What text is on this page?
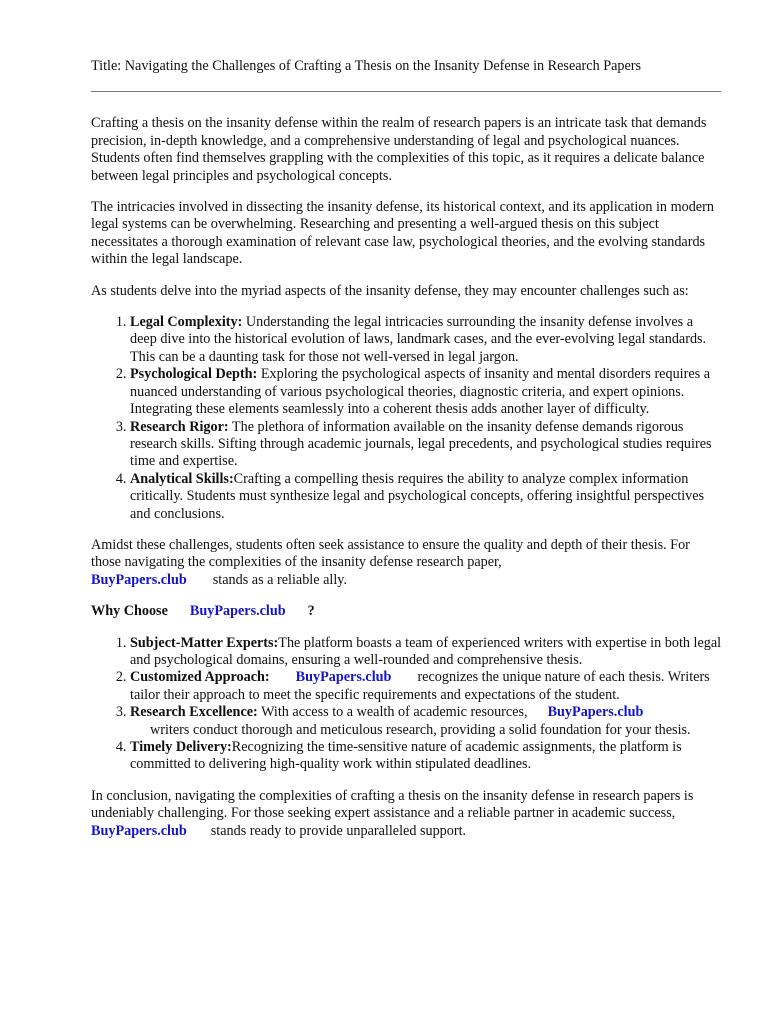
Title: Navigating the Challenges of Crafting a Thesis on the Insanity Defense in Research Papers

Crafting a thesis on the insanity defense within the realm of research papers is an intricate task that demands precision, in-depth knowledge, and a comprehensive understanding of legal and psychological nuances. Students often find themselves grappling with the complexities of this topic, as it requires a delicate balance between legal principles and psychological concepts.

The intricacies involved in dissecting the insanity defense, its historical context, and its application in modern legal systems can be overwhelming. Researching and presenting a well-argued thesis on this subject necessitates a thorough examination of relevant case law, psychological theories, and the evolving standards within the legal landscape.

As students delve into the myriad aspects of the insanity defense, they may encounter challenges such as:

1. Legal Complexity: Understanding the legal intricacies surrounding the insanity defense involves a deep dive into the historical evolution of laws, landmark cases, and the ever-evolving legal standards. This can be a daunting task for those not well-versed in legal jargon.
2. Psychological Depth: Exploring the psychological aspects of insanity and mental disorders requires a nuanced understanding of various psychological theories, diagnostic criteria, and expert opinions. Integrating these elements seamlessly into a coherent thesis adds another layer of difficulty.
3. Research Rigor: The plethora of information available on the insanity defense demands rigorous research skills. Sifting through academic journals, legal precedents, and psychological studies requires time and expertise.
4. Analytical Skills:Crafting a compelling thesis requires the ability to analyze complex information critically. Students must synthesize legal and psychological concepts, offering insightful perspectives and conclusions.

Amidst these challenges, students often seek assistance to ensure the quality and depth of their thesis. For those navigating the complexities of the insanity defense research paper,
BuyPapers.club stands as a reliable ally.

Why Choose BuyPapers.club ?

1. Subject-Matter Experts:The platform boasts a team of experienced writers with expertise in both legal and psychological domains, ensuring a well-rounded and comprehensive thesis.
2. Customized Approach: BuyPapers.club recognizes the unique nature of each thesis. Writers tailor their approach to meet the specific requirements and expectations of the student.
3. Research Excellence: With access to a wealth of academic resources, BuyPapers.club
writers conduct thorough and meticulous research, providing a solid foundation for your thesis.
4. Timely Delivery:Recognizing the time-sensitive nature of academic assignments, the platform is committed to delivering high-quality work within stipulated deadlines.

In conclusion, navigating the complexities of crafting a thesis on the insanity defense in research papers is undeniably challenging. For those seeking expert assistance and a reliable partner in academic success,BuyPapers.club stands ready to provide unparalleled support.
